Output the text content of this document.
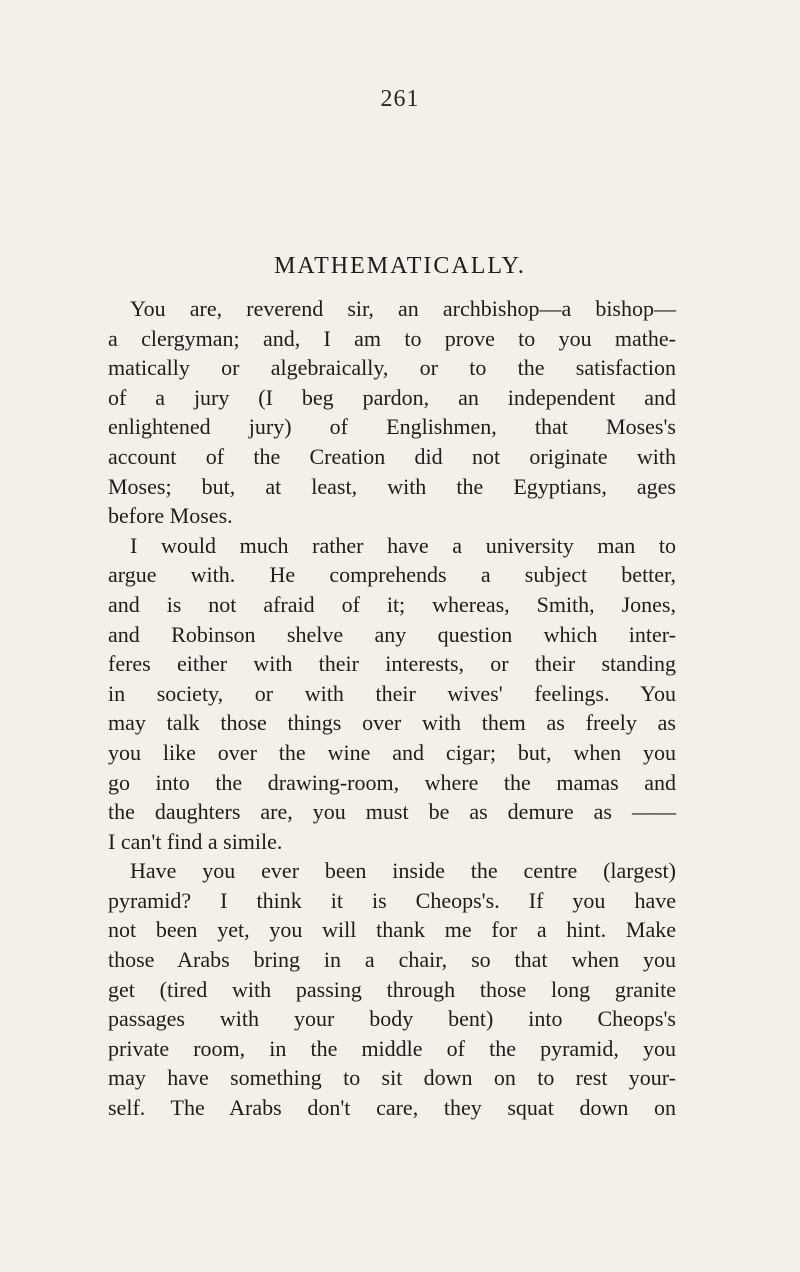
261
MATHEMATICALLY.

You are, reverend sir, an archbishop—a bishop—
a clergyman; and, I am to prove to you mathe-
matically or algebraically, or to the satisfaction
of a jury (I beg pardon, an independent and
enlightened jury) of Englishmen, that Moses's
account of the Creation did not originate with
Moses; but, at least, with the Egyptians, ages
before Moses.

I would much rather have a university man to
argue with. He comprehends a subject better,
and is not afraid of it; whereas, Smith, Jones,
and Robinson shelve any question which inter-
feres either with their interests, or their standing
in society, or with their wives' feelings. You
may talk those things over with them as freely as
you like over the wine and cigar; but, when you
go into the drawing-room, where the mamas and
the daughters are, you must be as demure as ——
I can't find a simile.

Have you ever been inside the centre (largest)
pyramid? I think it is Cheops's. If you have
not been yet, you will thank me for a hint. Make
those Arabs bring in a chair, so that when you
get (tired with passing through those long granite
passages with your body bent) into Cheops's
private room, in the middle of the pyramid, you
may have something to sit down on to rest your-
self. The Arabs don't care, they squat down on
